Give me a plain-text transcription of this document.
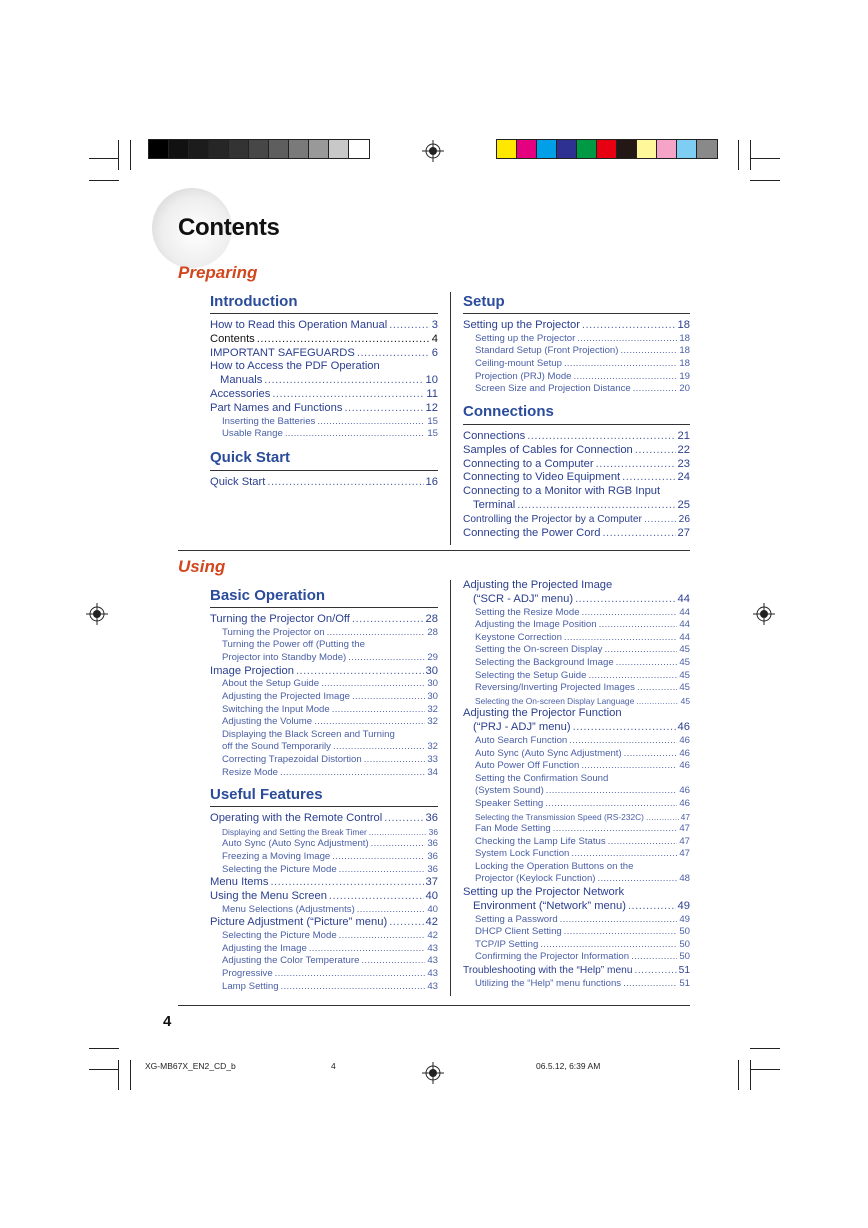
Contents
Preparing
Introduction
How to Read this Operation Manual .....	3
Contents .....	4
IMPORTANT SAFEGUARDS .....	6
How to Access the PDF Operation
Manuals .....	10
Accessories .....	11
Part Names and Functions .....	12
Inserting the Batteries .....	15
Usable Range .....	15
Quick Start
Quick Start .....	16
Setup
Setting up the Projector .....	18
Setting up the Projector .....	18
Standard Setup (Front Projection) .....	18
Ceiling-mount Setup .....	18
Projection (PRJ) Mode .....	19
Screen Size and Projection Distance .....	20
Connections
Connections .....	21
Samples of Cables for Connection .....	22
Connecting to a Computer .....	23
Connecting to Video Equipment .....	24
Connecting to a Monitor with RGB Input
Terminal .....	25
Controlling the Projector by a Computer .....	26
Connecting the Power Cord .....	27
Using
Basic Operation
Turning the Projector On/Off .....	28
Turning the Projector on .....	28
Turning the Power off (Putting the
Projector into Standby Mode) .....	29
Image Projection .....	30
About the Setup Guide .....	30
Adjusting the Projected Image .....	30
Switching the Input Mode .....	32
Adjusting the Volume .....	32
Displaying the Black Screen and Turning
off the Sound Temporarily .....	32
Correcting Trapezoidal Distortion .....	33
Resize Mode .....	34
Useful Features
Operating with the Remote Control .....	36
Displaying and Setting the Break Timer .....	36
Auto Sync (Auto Sync Adjustment) .....	36
Freezing a Moving Image .....	36
Selecting the Picture Mode .....	36
Menu Items .....	37
Using the Menu Screen .....	40
Menu Selections (Adjustments) .....	40
Picture Adjustment (“Picture” menu) .....	42
Selecting the Picture Mode .....	42
Adjusting the Image .....	43
Adjusting the Color Temperature .....	43
Progressive .....	43
Lamp Setting .....	43
Adjusting the Projected Image
(“SCR - ADJ” menu) .....	44
Setting the Resize Mode .....	44
Adjusting the Image Position .....	44
Keystone Correction .....	44
Setting the On-screen Display .....	45
Selecting the Background Image .....	45
Selecting the Setup Guide .....	45
Reversing/Inverting Projected Images .....	45
Selecting the On-screen Display Language .....	45
Adjusting the Projector Function
(“PRJ - ADJ” menu) .....	46
Auto Search Function .....	46
Auto Sync (Auto Sync Adjustment) .....	46
Auto Power Off Function .....	46
Setting the Confirmation Sound
(System Sound) .....	46
Speaker Setting .....	46
Selecting the Transmission Speed (RS-232C) .....	47
Fan Mode Setting .....	47
Checking the Lamp Life Status .....	47
System Lock Function .....	47
Locking the Operation Buttons on the
Projector (Keylock Function) .....	48
Setting up the Projector Network
Environment (“Network” menu) .....	49
Setting a Password .....	49
DHCP Client Setting .....	50
TCP/IP Setting .....	50
Confirming the Projector Information .....	50
Troubleshooting with the “Help” menu .....	51
Utilizing the “Help” menu functions .....	51
4
XG-MB67X_EN2_CD_b	4	06.5.12, 6:39 AM
